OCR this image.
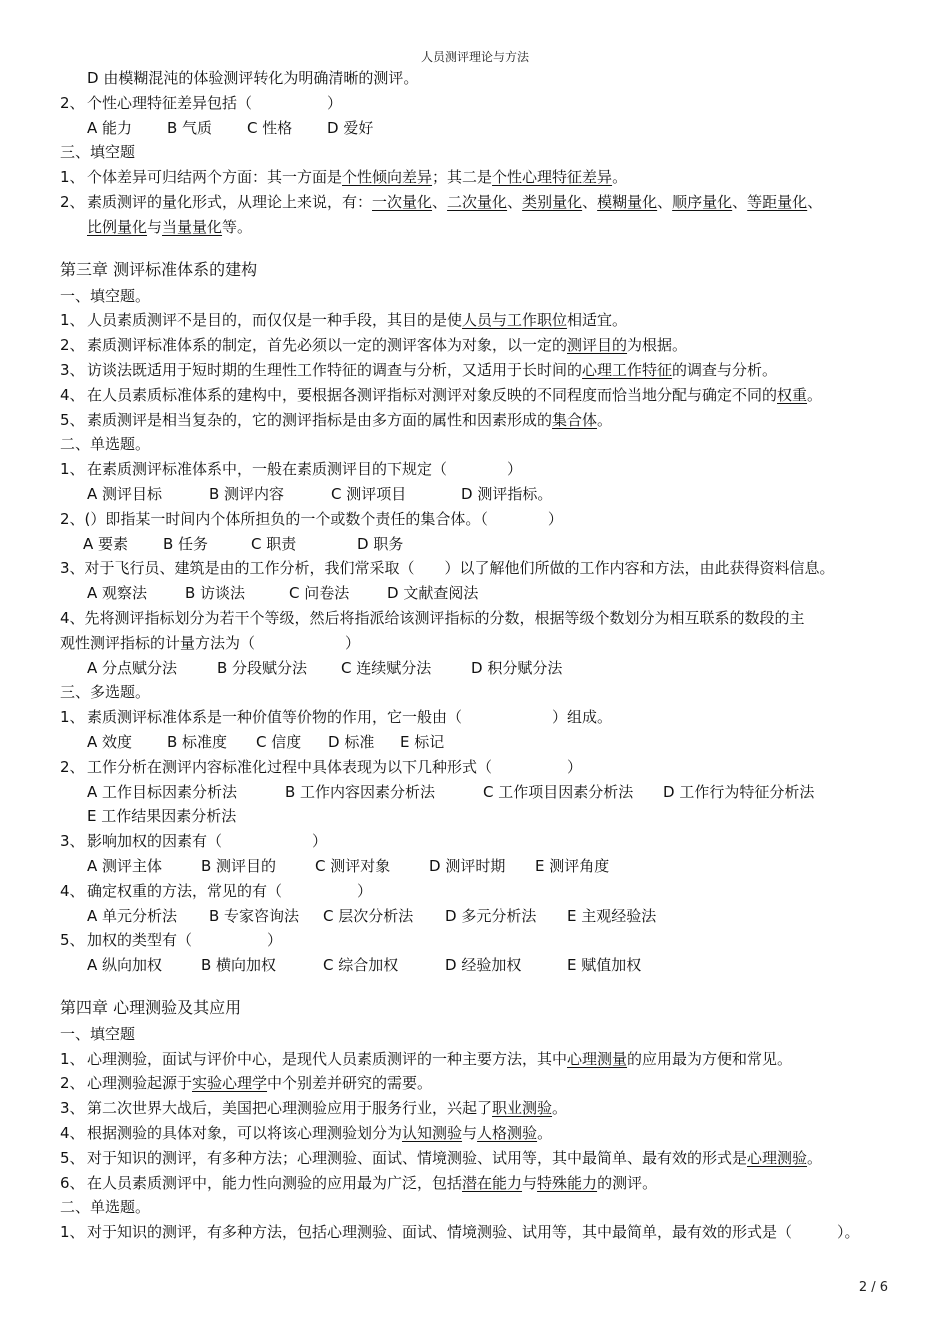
人员测评理论与方法
D 由模糊混沌的体验测评转化为明确清晰的测评。
2、 个性心理特征差异包括（　　　　　）
A 能力	B 气质	C 性格	D 爱好
三、填空题
1、 个体差异可归结两个方面：其一方面是个性倾向差异；其二是个性心理特征差异。
2、 素质测评的量化形式，从理论上来说，有：一次量化、二次量化、类别量化、模糊量化、顺序量化、等距量化、
比例量化 与 当量量化 等。
第三章 测评标准体系的建构
一、填空题。
1、 人员素质测评不是目的，而仅仅是一种手段，其目的是使人员与工作职位相适宜。
2、 素质测评标准体系的制定，首先必须以一定的测评客体为对象，以一定的测评目的为根据。
3、 访谈法既适用于短时期的生理性工作特征的调查与分析，又适用于长时间的心理工作特征的调查与分析。
4、 在人员素质标准体系的建构中，要根据各测评指标对测评对象反映的不同程度而恰当地分配与确定不同的权重。
5、 素质测评是相当复杂的，它的测评指标是由多方面的属性和因素形成的集合体。
二、单选题。
1、 在素质测评标准体系中，一般在素质测评目的下规定（　　　　）
A 测评目标	B 测评内容	C 测评项目	D 测评指标。
2、(）即指某一时间内个体所担负的一个或数个责任的集合体。（　　　　）
A 要素	B 任务	C 职责	D 职务
3、对于飞行员、建筑是由的工作分析，我们常采取（　　）以了解他们所做的工作内容和方法，由此获得资料信息。
A 观察法	B 访谈法	C 问卷法	D 文献查阅法
4、先将测评指标划分为若干个等级，然后将指派给该测评指标的分数，根据等级个数划分为相互联系的数段的主
观性测评指标的计量方法为（　　　　　　）
A 分点赋分法	B 分段赋分法	C 连续赋分法	D 积分赋分法
三、多选题。
1、 素质测评标准体系是一种价值等价物的作用，它一般由（　　　　　　）组成。
A 效度	B 标准度	C 信度	D 标准	E 标记
2、 工作分析在测评内容标准化过程中具体表现为以下几种形式（　　　　　）
A 工作目标因素分析法	B 工作内容因素分析法	C 工作项目因素分析法	D 工作行为特征分析法
E 工作结果因素分析法
3、 影响加权的因素有（　　　　　　）
A 测评主体	B 测评目的	C 测评对象	D 测评时期	E 测评角度
4、 确定权重的方法，常见的有（　　　　　）
A 单元分析法	B 专家咨询法	C 层次分析法	D 多元分析法	E 主观经验法
5、 加权的类型有（　　　　　）
A 纵向加权	B 横向加权	C 综合加权	D 经验加权	E 赋值加权
第四章 心理测验及其应用
一、填空题
1、 心理测验，面试与评价中心，是现代人员素质测评的一种主要方法，其中心理测量的应用最为方便和常见。
2、 心理测验起源于实验心理学中个别差并研究的需要。
3、 第二次世界大战后，美国把心理测验应用于服务行业，兴起了职业测验。
4、 根据测验的具体对象，可以将该心理测验划分为认知测验与人格测验。
5、 对于知识的测评，有多种方法；心理测验、面试、情境测验、试用等，其中最简单、最有效的形式是心理测验。
6、 在人员素质测评中，能力性向测验的应用最为广泛，包括潜在能力与特殊能力的测评。
二、单选题。
1、 对于知识的测评，有多种方法，包括心理测验、面试、情境测验、试用等，其中最简单，最有效的形式是（　　　）。
2 / 6
